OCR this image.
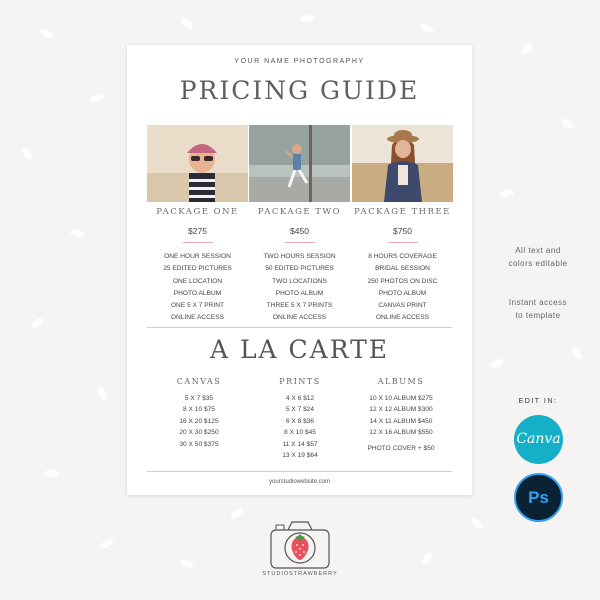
YOUR NAME PHOTOGRAPHY
PRICING GUIDE
PACKAGE ONE
$275
ONE HOUR SESSION
25 EDITED PICTURES
ONE LOCATION
PHOTO ALBUM
ONE 5 X 7 PRINT
ONLINE ACCESS
PACKAGE TWO
$450
TWO HOURS SESSION
50 EDITED PICTURES
TWO LOCATIONS
PHOTO ALBUM
THREE 5 X 7 PRINTS
ONLINE ACCESS
PACKAGE THREE
$750
8 HOURS COVERAGE
BRIDAL SESSION
250 PHOTOS ON DISC
PHOTO ALBUM
CANVAS PRINT
ONLINE ACCESS
A LA CARTE
CANVAS
5 X 7 $35
8 X 10 $75
16 X 20 $125
20 X 30 $250
30 X 50 $375
PRINTS
4 X 6 $12
5 X 7 $24
6 X 8 $36
8 X 10 $45
11 X 14 $57
13 X 19 $64
ALBUMS
10 X 10 ALBUM $275
12 X 12 ALBUM $300
14 X 11 ALBUM $450
12 X 16 ALBUM $550
PHOTO COVER + $50
yourstudiowebsite.com
All text and
colors editable
Instant access
to template
EDIT IN:
Canva
Ps
STUDIOSTRAWBERRY
